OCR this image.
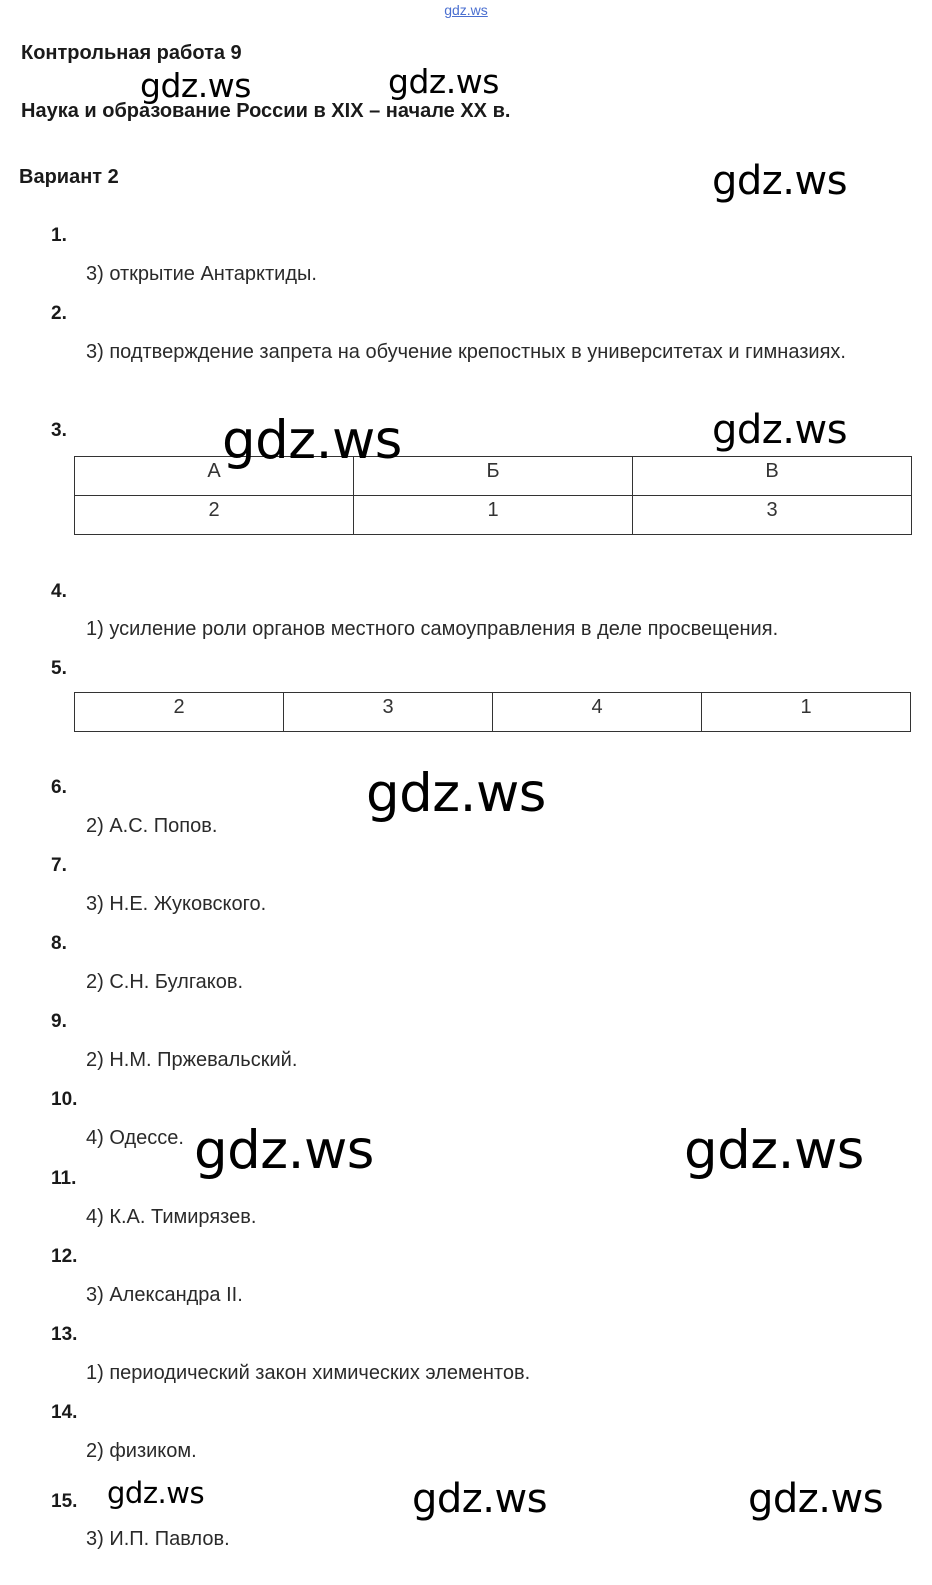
gdz.ws
Контрольная работа 9
Наука и образование России в XIX – начале XX в.
Вариант 2
1.
3) открытие Антарктиды.
2.
3) подтверждение запрета на обучение крепостных в университетах и гимназиях.
3.
А	Б	В
2	1	3
4.
1) усиление роли органов местного самоуправления в деле просвещения.
5.
2	3	4	1
6.
2) А.С. Попов.
7.
3) Н.Е. Жуковского.
8.
2) С.Н. Булгаков.
9.
2) Н.М. Пржевальский.
10.
4) Одессе.
11.
4) К.А. Тимирязев.
12.
3) Александра II.
13.
1) периодический закон химических элементов.
14.
2) физиком.
15.
3) И.П. Павлов.
gdz.ws	gdz.ws
gdz.ws
gdz.ws	gdz.ws
gdz.ws
gdz.ws	gdz.ws
gdz.ws	gdz.ws	gdz.ws
